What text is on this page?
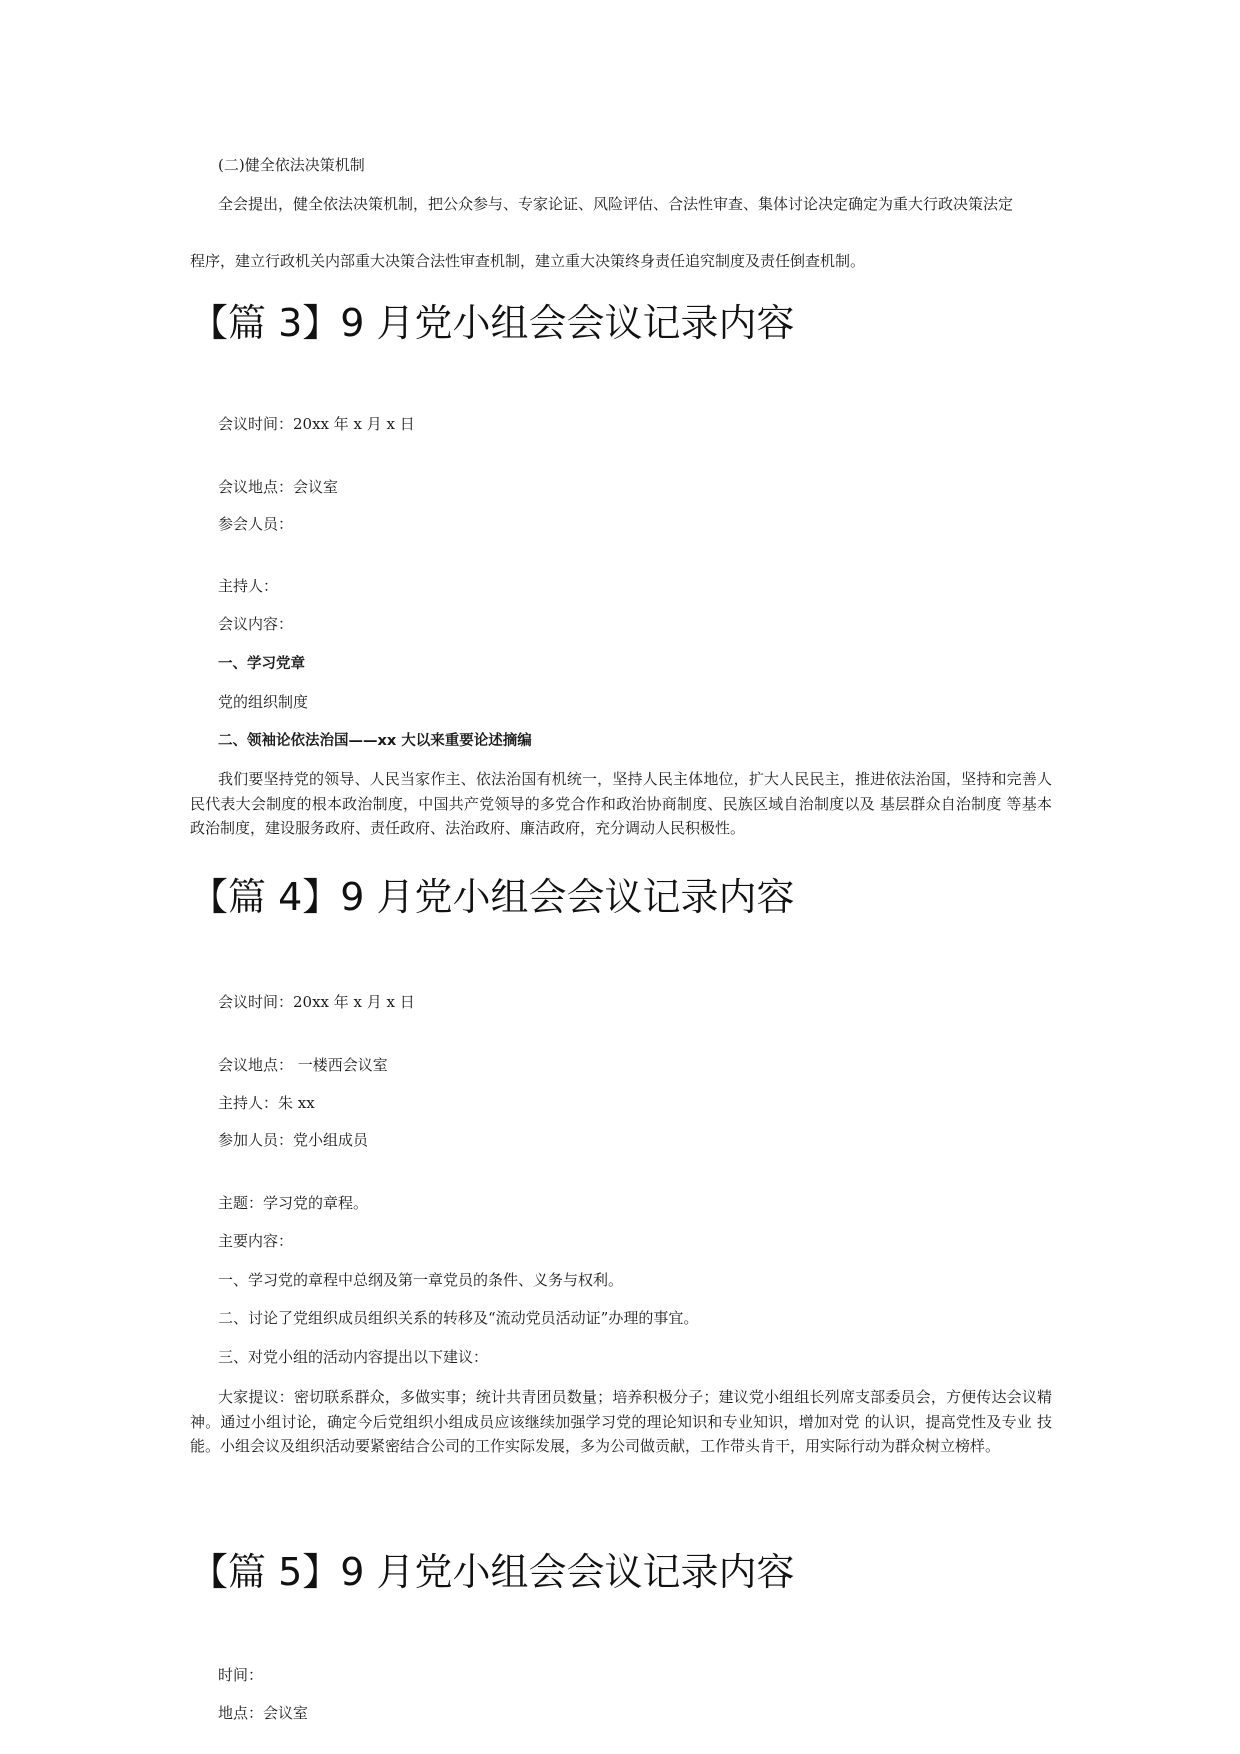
(二)健全依法决策机制

全会提出，健全依法决策机制，把公众参与、专家论证、风险评估、合法性审查、集体讨论决定确定为重大行政决策法定

程序，建立行政机关内部重大决策合法性审查机制，建立重大决策终身责任追究制度及责任倒查机制。

【篇 3】9 月党小组会会议记录内容

会议时间：20xx 年 x 月 x 日

会议地点：会议室

参会人员：

主持人：

会议内容：

一、学习党章

党的组织制度

二、领袖论依法治国——xx 大以来重要论述摘编

我们要坚持党的领导、人民当家作主、依法治国有机统一，坚持人民主体地位，扩大人民民主，推进依法治国，坚持和完善人民代表大会制度的根本政治制度，中国共产党领导的多党合作和政治协商制度、民族区域自治制度以及 基层群众自治制度 等基本政治制度，建设服务政府、责任政府、法治政府、廉洁政府，充分调动人民积极性。

【篇 4】9 月党小组会会议记录内容

会议时间：20xx 年 x 月 x 日

会议地点： 一楼西会议室

主持人：朱 xx

参加人员：党小组成员

主题：学习党的章程。

主要内容：

一、学习党的章程中总纲及第一章党员的条件、义务与权利。

二、讨论了党组织成员组织关系的转移及“流动党员活动证”办理的事宜。

三、对党小组的活动内容提出以下建议：

大家提议：密切联系群众，多做实事；统计共青团员数量；培养积极分子；建议党小组组长列席支部委员会，方便传达会议精 神。通过小组讨论，确定今后党组织小组成员应该继续加强学习党的理论知识和专业知识，增加对党 的认识，提高党性及专业 技能。小组会议及组织活动要紧密结合公司的工作实际发展，多为公司做贡献，工作带头肯干，用实际行动为群众树立榜样。

【篇 5】9 月党小组会会议记录内容

时间：

地点：会议室
